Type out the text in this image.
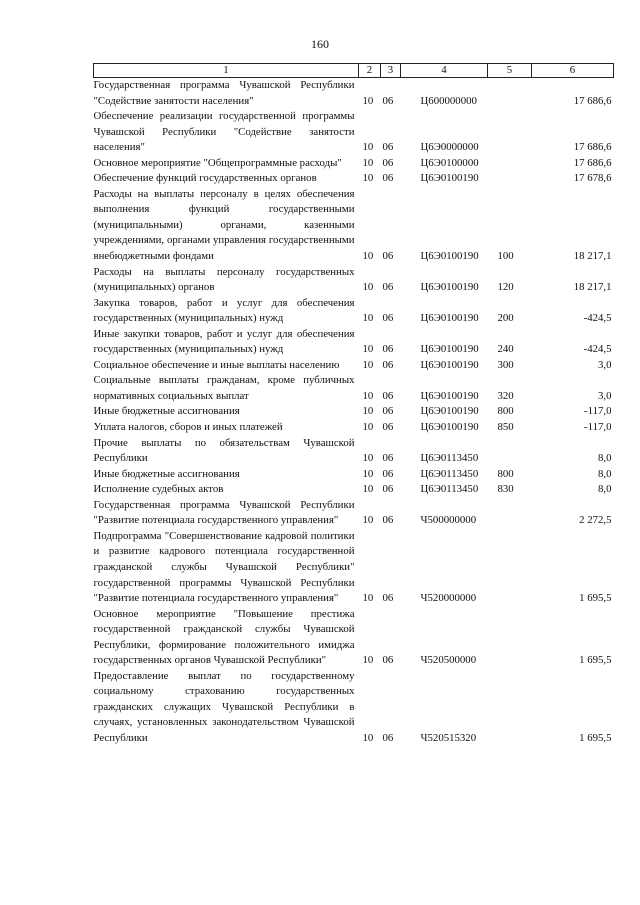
160
1	2	3	4	5	6
Государственная программа Чувашской Республики "Содействие занятости населения"	10	06	Ц600000000		17 686,6
Обеспечение реализации государственной программы Чувашской Республики "Содействие занятости населения"	10	06	Ц6Э0000000		17 686,6
Основное мероприятие "Общепрограммные расходы"	10	06	Ц6Э0100000		17 686,6
Обеспечение функций государственных органов	10	06	Ц6Э0100190		17 678,6
Расходы на выплаты персоналу в целях обеспечения выполнения функций государственными (муниципальными) органами, казенными учреждениями, органами управления государственными внебюджетными фондами	10	06	Ц6Э0100190	100	18 217,1
Расходы на выплаты персоналу государственных (муниципальных) органов	10	06	Ц6Э0100190	120	18 217,1
Закупка товаров, работ и услуг для обеспечения государственных (муниципальных) нужд	10	06	Ц6Э0100190	200	-424,5
Иные закупки товаров, работ и услуг для обеспечения государственных (муниципальных) нужд	10	06	Ц6Э0100190	240	-424,5
Социальное обеспечение и иные выплаты населению	10	06	Ц6Э0100190	300	3,0
Социальные выплаты гражданам, кроме публичных нормативных социальных выплат	10	06	Ц6Э0100190	320	3,0
Иные бюджетные ассигнования	10	06	Ц6Э0100190	800	-117,0
Уплата налогов, сборов и иных платежей	10	06	Ц6Э0100190	850	-117,0
Прочие выплаты по обязательствам Чувашской Республики	10	06	Ц6Э0113450		8,0
Иные бюджетные ассигнования	10	06	Ц6Э0113450	800	8,0
Исполнение судебных актов	10	06	Ц6Э0113450	830	8,0
Государственная программа Чувашской Республики "Развитие потенциала государственного управления"	10	06	Ч500000000		2 272,5
Подпрограмма "Совершенствование кадровой политики и развитие кадрового потенциала государственной гражданской службы Чувашской Республики" государственной программы Чувашской Республики "Развитие потенциала государственного управления"	10	06	Ч520000000		1 695,5
Основное мероприятие "Повышение престижа государственной гражданской службы Чувашской Республики, формирование положительного имиджа государственных органов Чувашской Республики"	10	06	Ч520500000		1 695,5
Предоставление выплат по государственному социальному страхованию государственных гражданских служащих Чувашской Республики в случаях, установленных законодательством Чувашской Республики	10	06	Ч520515320		1 695,5
